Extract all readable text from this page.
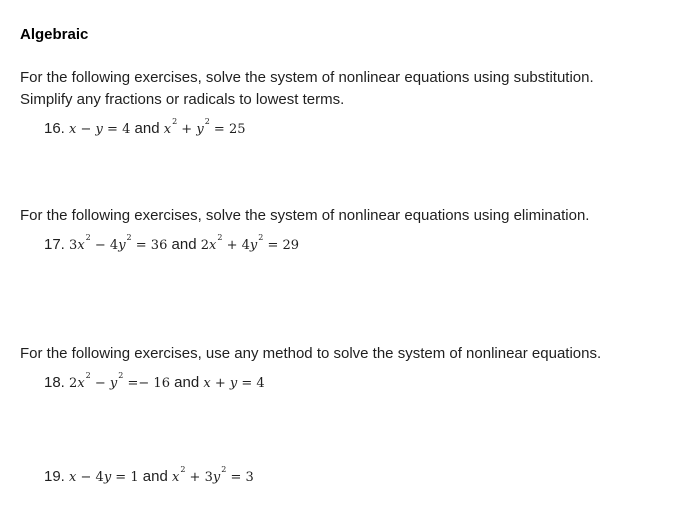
Algebraic

For the following exercises, solve the system of nonlinear equations using substitution.
Simplify any fractions or radicals to lowest terms.

16. x − y = 4 and $x^2 + y^2 = 25$

For the following exercises, solve the system of nonlinear equations using elimination.

17. $3x^2 - 4y^2 = 36$ and $2x^2 + 4y^2 = 29$

For the following exercises, use any method to solve the system of nonlinear equations.

18. $2x^2 - y^2 =- 16$ and x + y = 4
19. x − 4y = 1 and $x^2 + 3y^2 = 3$
